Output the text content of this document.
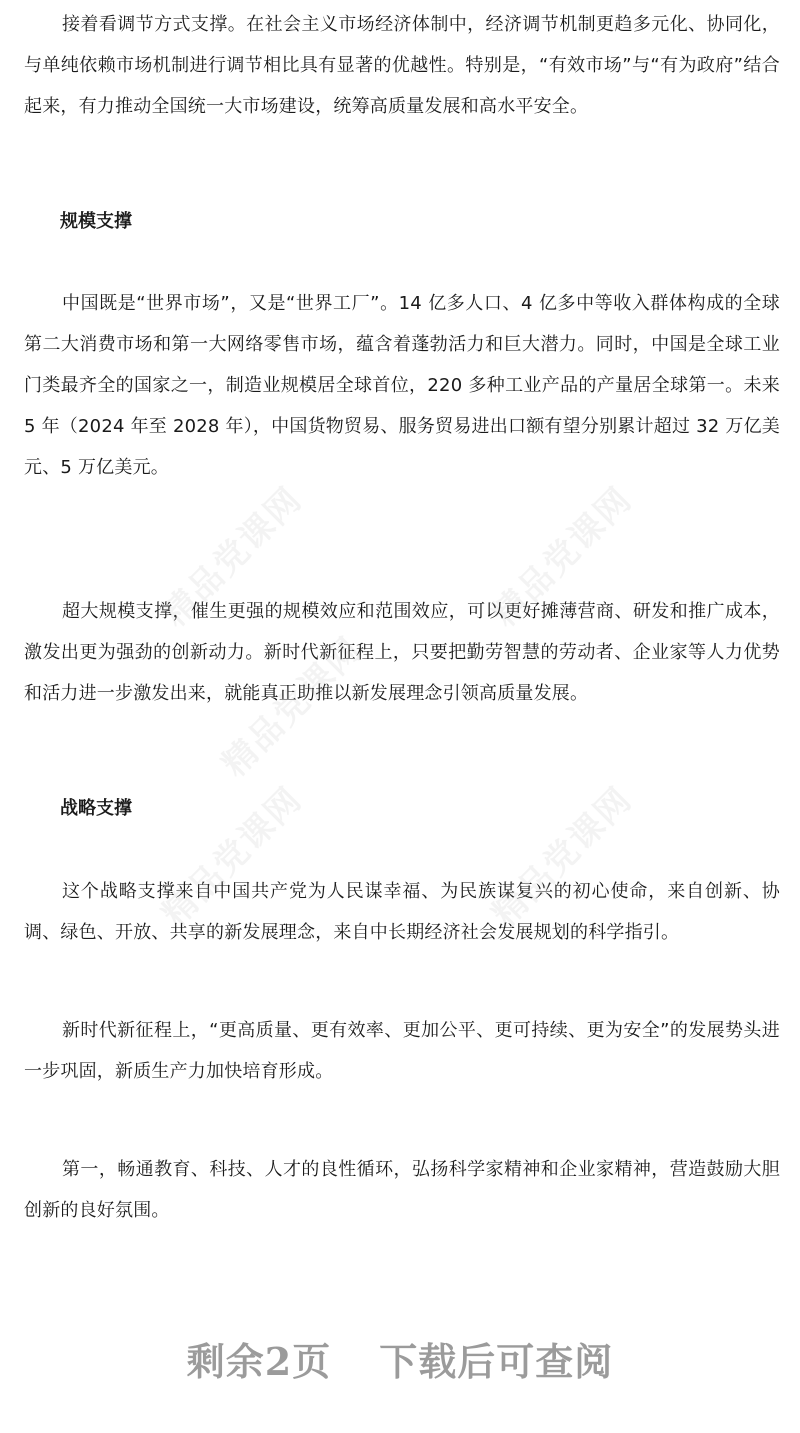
接着看调节方式支撑。在社会主义市场经济体制中，经济调节机制更趋多元化、协同化，与单纯依赖市场机制进行调节相比具有显著的优越性。特别是，“有效市场”与“有为政府”结合起来，有力推动全国统一大市场建设，统筹高质量发展和高水平安全。

规模支撑

中国既是“世界市场”，又是“世界工厂”。14 亿多人口、4 亿多中等收入群体构成的全球第二大消费市场和第一大网络零售市场，蕴含着蓬勃活力和巨大潜力。同时，中国是全球工业门类最齐全的国家之一，制造业规模居全球首位，220 多种工业产品的产量居全球第一。未来 5 年（2024 年至 2028 年），中国货物贸易、服务贸易进出口额有望分别累计超过 32 万亿美元、5 万亿美元。

超大规模支撑，催生更强的规模效应和范围效应，可以更好摊薄营商、研发和推广成本，激发出更为强劲的创新动力。新时代新征程上，只要把勤劳智慧的劳动者、企业家等人力优势和活力进一步激发出来，就能真正助推以新发展理念引领高质量发展。

战略支撑

这个战略支撑来自中国共产党为人民谋幸福、为民族谋复兴的初心使命，来自创新、协调、绿色、开放、共享的新发展理念，来自中长期经济社会发展规划的科学指引。

新时代新征程上，“更高质量、更有效率、更加公平、更可持续、更为安全”的发展势头进一步巩固，新质生产力加快培育形成。

第一，畅通教育、科技、人才的良性循环，弘扬科学家精神和企业家精神，营造鼓励大胆创新的良好氛围。

精品党课网	精品党课网
精品党课网
精品党课网	精品党课网
剩余2页 下载后可查阅
